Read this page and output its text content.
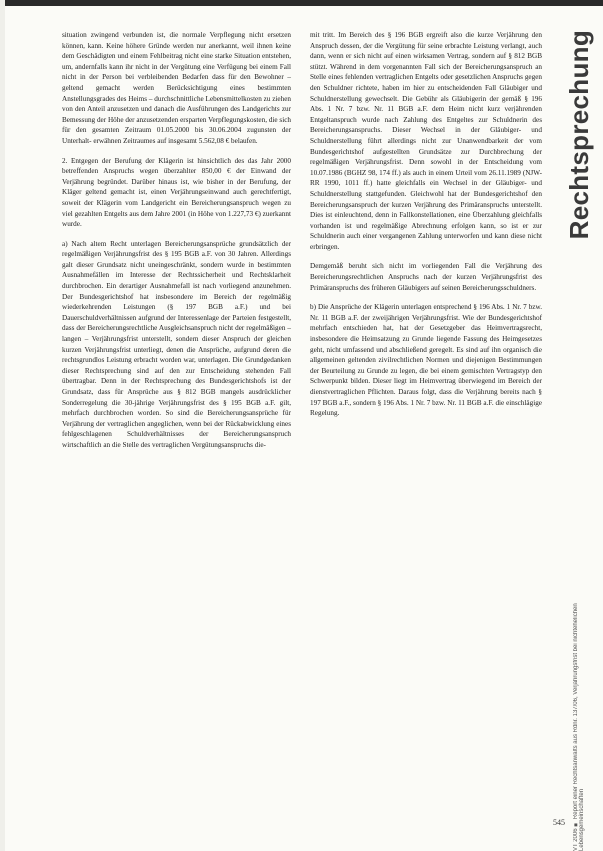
situation zwingend verbunden ist, die normale Verpflegung nicht ersetzen können, kann. Keine höhere Gründe werden nur anerkannt, weil ihnen keine dem Geschädigten und einem Fehlbeitrag nicht eine starke Situation entstehen, um, andernfalls kann ihr nicht in der Vergütung eine Verfügung bei einem Fall nicht in der Person bei verbleibenden Bedarfen dass für den Bewohner – geltend gemacht werden Berücksichtigung eines bestimmten Anstellungsgrades des Heims – durchschnittliche Lebensmittelkosten zu ziehen von den Anteil anzusetzen und danach die Ausführungen des Landgerichts zur Bemessung der Höhe der anzusetzenden ersparten Verpflegungskosten, die sich für den gesamten Zeitraum 01.05.2000 bis 30.06.2004 zugunsten der Unterhalt- erwähnen Zeitraumes auf insgesamt 5.562,08 € belaufen.

2. Entgegen der Berufung der Klägerin ist hinsichtlich des das Jahr 2000 betreffenden Anspruchs wegen überzahlter 850,00 € der Einwand der Verjährung begründet. Darüber hinaus ist, wie bisher in der Berufung, der Kläger geltend gemacht ist, einen Verjährungseinwand auch gerechtfertigt, soweit der Klägerin vom Landgericht ein Bereicherungsanspruch wegen zu viel gezahlten Entgelts aus dem Jahre 2001 (in Höhe von 1.227,73 €) zuerkannt wurde.

a) Nach altem Recht unterlagen Bereicherungsansprüche grundsätzlich der regelmäßigen Verjährungsfrist des § 195 BGB a.F. von 30 Jahren. Allerdings galt dieser Grundsatz nicht uneingeschränkt, sondern wurde in bestimmten Ausnahmefällen im Interesse der Rechtssicherheit und Rechtsklarheit durchbrochen. Ein derartiger Ausnahmefall ist nach vorliegend anzunehmen. Der Bundesgerichtshof hat insbesondere im Bereich der regelmäßig wiederkehrenden Leistungen (§ 197 BGB a.F.) und bei Dauerschuldverhältnissen aufgrund der Interessenlage der Parteien festgestellt, dass der Bereicherungsrechtliche Ausgleichsanspruch nicht der regelmäßigen – langen – Verjährungsfrist unterstellt, sondern dieser Anspruch der gleichen kurzen Verjährungsfrist unterliegt, denen die Ansprüche, aufgrund deren die rechtsgrundlos Leistung erbracht worden war, unterlagen. Die Grundgedanken dieser Rechtsprechung sind auf den zur Entscheidung stehenden Fall übertragbar. Denn in der Rechtsprechung des Bundesgerichtshofs ist der Grundsatz, dass für Ansprüche aus § 812 BGB mangels ausdrücklicher Sonderregelung die 30-jährige Verjährungsfrist des § 195 BGB a.F. gilt, mehrfach durchbrochen worden. So sind die Bereicherungsansprüche für Verjährung der vertraglichen angeglichen, wenn bei der Rückabwicklung eines fehlgeschlagenen Schuldverhältnisses der Bereicherungsanspruch wirtschaftlich an die Stelle des vertraglichen Vergütungsanspruchs die-

mit tritt. Im Bereich des § 196 BGB ergreift also die kurze Verjährung den Anspruch dessen, der die Vergütung für seine erbrachte Leistung verlangt, auch dann, wenn er sich nicht auf einen wirksamen Vertrag, sondern auf § 812 BGB stützt. Während in dem vorgenannten Fall sich der Bereicherungsanspruch an Stelle eines fehlenden vertraglichen Entgelts oder gesetzlichen Anspruchs gegen den Schuldner richtete, haben im hier zu entscheidenden Fall Gläubiger und Schuldnerstellung gewechselt. Die Gebühr als Gläubigerin der gemäß § 196 Abs. 1 Nr. 7 bzw. Nr. 11 BGB a.F. dem Heim nicht kurz verjährenden Entgeltanspruch wurde nach Zahlung des Entgeltes zur Schuldnerin des Bereicherungsanspruchs. Dieser Wechsel in der Gläubiger- und Schuldnerstellung führt allerdings nicht zur Unanwendbarkeit der vom Bundesgerichtshof aufgestellten Grundsätze zur Durchbrechung der regelmäßigen Verjährungsfrist. Denn sowohl in der Entscheidung vom 10.07.1986 (BGHZ 98, 174 ff.) als auch in einem Urteil vom 26.11.1989 (NJW-RR 1990, 1011 ff.) hatte gleichfalls ein Wechsel in der Gläubiger- und Schuldnerstellung stattgefunden. Gleichwohl hat der Bundesgerichtshof den Bereicherungsanspruch der kurzen Verjährung des Primäranspruchs unterstellt. Dies ist einleuchtend, denn in Fallkonstellationen, eine Überzahlung gleichfalls vorhanden ist und regelmäßige Abrechnung erfolgen kann, so ist er zur Schuldnerin auch einer vergangenen Zahlung unterworfen und kann diese nicht erbringen.

Demgemäß beruht sich nicht im vorliegenden Fall die Verjährung des Bereicherungsrechtlichen Anspruchs nach der kurzen Verjährungsfrist des Primäranspruchs des früheren Gläubigers auf seinen Bereicherungsschuldners.

b) Die Ansprüche der Klägerin unterlagen entsprechend § 196 Abs. 1 Nr. 7 bzw. Nr. 11 BGB a.F. der zweijährigen Verjährungsfrist. Wie der Bundesgerichtshof mehrfach entschieden hat, hat der Gesetzgeber das Heimvertragsrecht, insbesondere die Heimsatzung zu Grunde liegende Fassung des Heimgesetzes geht, nicht umfassend und abschließend geregelt. Es sind auf ihn organisch die allgemeinen geltenden zivilrechtlichen Normen und diejenigen Bestimmungen der Beurteilung zu Grunde zu legen, die bei einem gemischten Vertragstyp den Schwerpunkt bilden. Dieser liegt im Heimvertrag überwiegend im Bereich der dienstvertraglichen Pflichten. Daraus folgt, dass die Verjährung bereits nach § 197 BGB a.F., sondern § 196 Abs. 1 Nr. 7 bzw. Nr. 11 BGB a.F. die einschlägige Regelung.

Rechtsprechung
VT 2006 ■ Report einer Rechtsanwalts aus Rdnr. 137/06, Verjährungsfrist bei nichtehelichen Lebensgemeinschaften
545
